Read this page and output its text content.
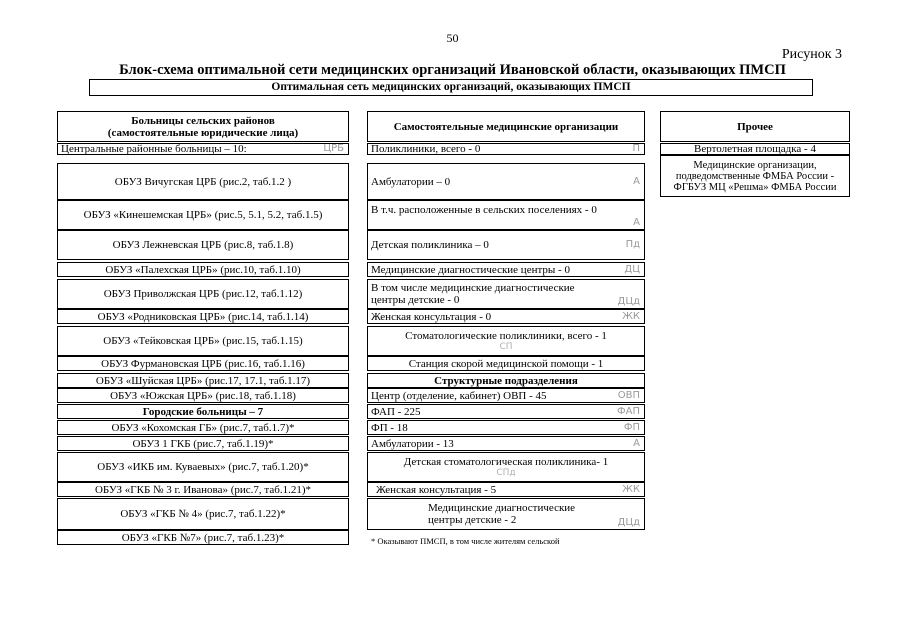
50
Рисунок 3
Блок-схема оптимальной сети медицинских организаций Ивановской области, оказывающих ПМСП
Оптимальная сеть медицинских организаций, оказывающих ПМСП
Больницы сельских районов (самостоятельные юридические лица)
Центральные районные больницы – 10:	ЦРБ
ОБУЗ Вичугская ЦРБ (рис.2, таб.1.2 )
ОБУЗ «Кинешемская ЦРБ» (рис.5, 5.1, 5.2, таб.1.5)
ОБУЗ Лежневская ЦРБ (рис.8, таб.1.8)
ОБУЗ «Палехская ЦРБ» (рис.10, таб.1.10)
ОБУЗ Приволжская ЦРБ (рис.12, таб.1.12)
ОБУЗ «Родниковская ЦРБ» (рис.14, таб.1.14)
ОБУЗ «Тейковская ЦРБ» (рис.15, таб.1.15)
ОБУЗ Фурмановская ЦРБ (рис.16, таб.1.16)
ОБУЗ «Шуйская ЦРБ» (рис.17, 17.1, таб.1.17)
ОБУЗ «Южская ЦРБ» (рис.18, таб.1.18)
Городские больницы – 7
ОБУЗ «Кохомская ГБ» (рис.7, таб.1.7)*
ОБУЗ 1 ГКБ (рис.7, таб.1.19)*
ОБУЗ «ИКБ им. Куваевых» (рис.7, таб.1.20)*
ОБУЗ «ГКБ № 3 г. Иванова» (рис.7, таб.1.21)*
ОБУЗ «ГКБ № 4» (рис.7, таб.1.22)*
ОБУЗ «ГКБ №7» (рис.7, таб.1.23)*
Самостоятельные медицинские организации
Поликлиники, всего - 0	П
Амбулатории – 0	А
В т.ч. расположенные в сельских поселениях - 0
А
Детская поликлиника – 0	Пд
Медицинские диагностические центры - 0	ДЦ
В том числе медицинские диагностические центры детские - 0	ДЦд
Женская консультация - 0	ЖК
Стоматологические поликлиники, всего - 1
СП
Станция скорой медицинской помощи - 1
Структурные подразделения
Центр (отделение, кабинет) ОВП - 45	ОВП
ФАП - 225	ФАП
ФП - 18	ФП
Амбулатории - 13	А
Детская стоматологическая поликлиника- 1
СПд
Женская консультация - 5	ЖК
Медицинские диагностические центры детские - 2	ДЦд
Прочее
Вертолетная площадка - 4
Медицинские организации, подведомственные ФМБА России - ФГБУЗ МЦ «Решма» ФМБА России
* Оказывают ПМСП, в том числе жителям сельской
